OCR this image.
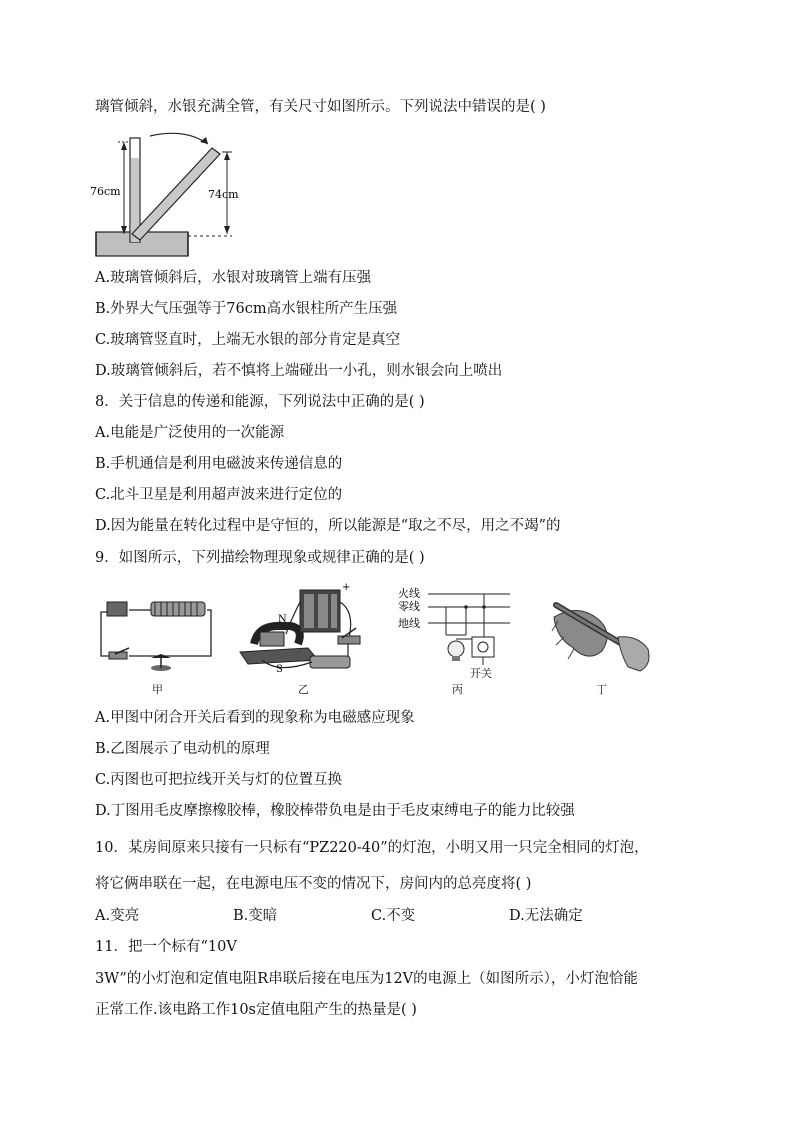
璃管倾斜，水银充满全管，有关尺寸如图所示。下列说法中错误的是( )
76cm	74cm
A.玻璃管倾斜后，水银对玻璃管上端有压强
B.外界大气压强等于76cm高水银柱所产生压强
C.玻璃管竖直时，上端无水银的部分肯定是真空
D.玻璃管倾斜后，若不慎将上端碰出一小孔，则水银会向上喷出
8．关于信息的传递和能源，下列说法中正确的是( )
A.电能是广泛使用的一次能源
B.手机通信是利用电磁波来传递信息的
C.北斗卫星是利用超声波来进行定位的
D.因为能量在转化过程中是守恒的，所以能源是“取之不尽，用之不竭”的
9．如图所示，下列描绘物理现象或规律正确的是( )
甲
N
S
+
乙
火线
零线
地线
开关
丙	丁
A.甲图中闭合开关后看到的现象称为电磁感应现象
B.乙图展示了电动机的原理
C.丙图也可把拉线开关与灯的位置互换
D.丁图用毛皮摩擦橡胶棒，橡胶棒带负电是由于毛皮束缚电子的能力比较强
10．某房间原来只接有一只标有“PZ220-40”的灯泡，小明又用一只完全相同的灯泡，
将它俩串联在一起，在电源电压不变的情况下，房间内的总亮度将( )
A.变亮	B.变暗	C.不变	D.无法确定
11．把一个标有“10V
3W”的小灯泡和定值电阻R串联后接在电压为12V的电源上（如图所示），小灯泡恰能
正常工作.该电路工作10s定值电阻产生的热量是( )
